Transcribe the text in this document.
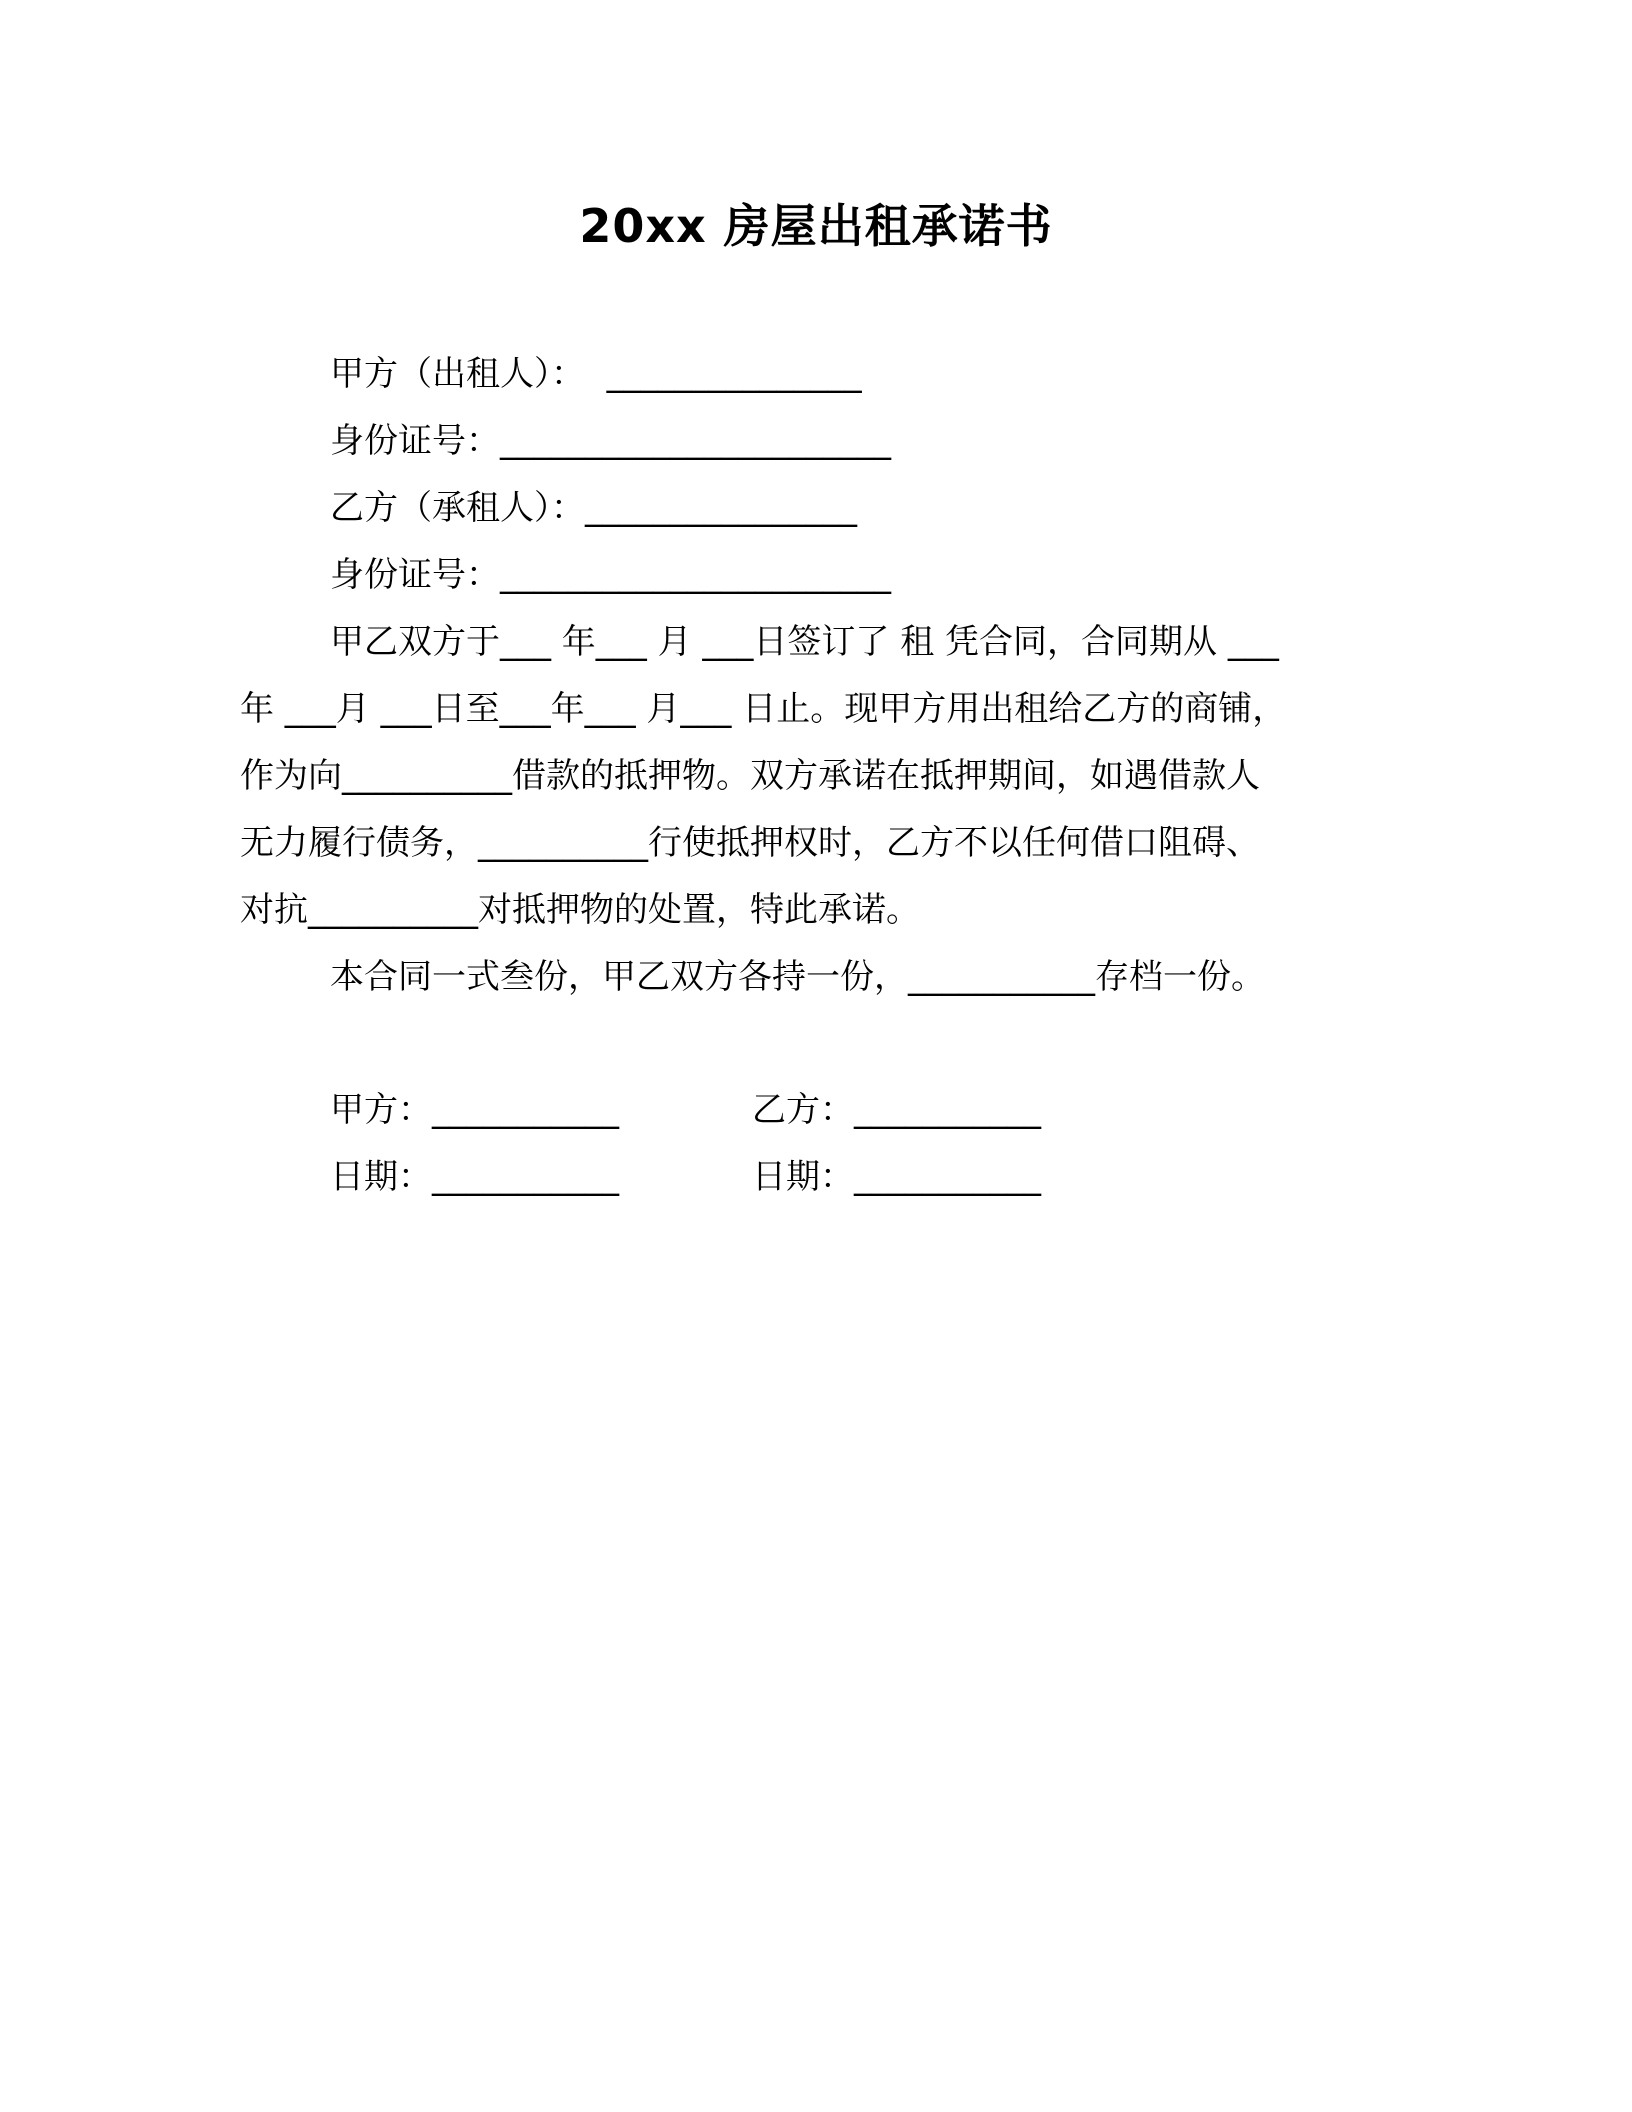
20xx 房屋出租承诺书
甲方（出租人）：  _______________
身份证号：_______________________
乙方（承租人）：________________
身份证号：_______________________
甲乙双方于___ 年___ 月 ___日签订了 租 凭合同，合同期从 ___
年 ___月 ___日至___年___ 月___ 日止。现甲方用出租给乙方的商铺，
作为向__________借款的抵押物。双方承诺在抵押期间，如遇借款人
无力履行债务，__________行使抵押权时，乙方不以任何借口阻碍、
对抗__________对抵押物的处置，特此承诺。
本合同一式叁份，甲乙双方各持一份，___________存档一份。
甲方：___________	乙方：___________
日期：___________	日期：___________
